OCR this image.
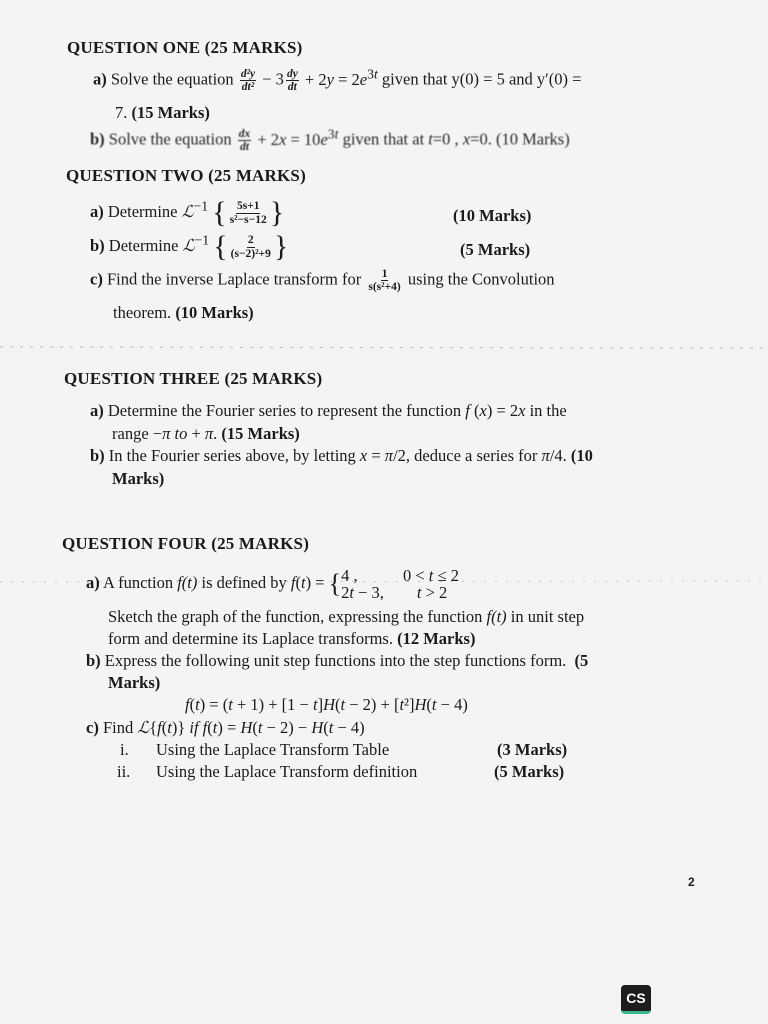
QUESTION ONE (25 MARKS)
a) Solve the equation $\frac{\text{d²y}}{\text{dt²}} - 3 \frac{dy}{dt} + 2y = 2e^{3t}$ given that y(0) = 5 and y′(0) =
7. (15 Marks)
b) Solve the equation $\frac{dx}{dt} + 2x = 10e^{3t}$ given that at t=0 , x=0. (10 Marks)
QUESTION TWO (25 MARKS)
a) Determine ℒ$^{-1}$ { $\frac{5s+1}{\text{s²−s−12}}$ }	(10 Marks)
b) Determine ℒ$^{-1}$ { $\frac{2}{\text{(s−2)²+9}}$ }	(5 Marks)
c) Find the inverse Laplace transform for $\frac{1}{\text{s(s²+4)}}$ using the Convolution
theorem. (10 Marks)
QUESTION THREE (25 MARKS)
a) Determine the Fourier series to represent the function f (x) = 2x in the
range −π to + π. (15 Marks)
b) In the Fourier series above, by letting x = π/2, deduce a series for π/4. (10
Marks)
QUESTION FOUR (25 MARKS)
a) A function f(t) is defined by f(t) = { 4 ,           0 < t ≤ 2
2t − 3,        t > 2
Sketch the graph of the function, expressing the function f(t) in unit step
form and determine its Laplace transforms. (12 Marks)
b) Express the following unit step functions into the step functions form. (5
Marks)
f(t) = (t + 1) + [1 − t]H(t − 2) + [t²]H(t − 4)
c) Find ℒ{f(t)} if f(t) = H(t − 2) − H(t − 4)
i. Using the Laplace Transform Table	(3 Marks)
ii. Using the Laplace Transform definition	(5 Marks)
2
CS
